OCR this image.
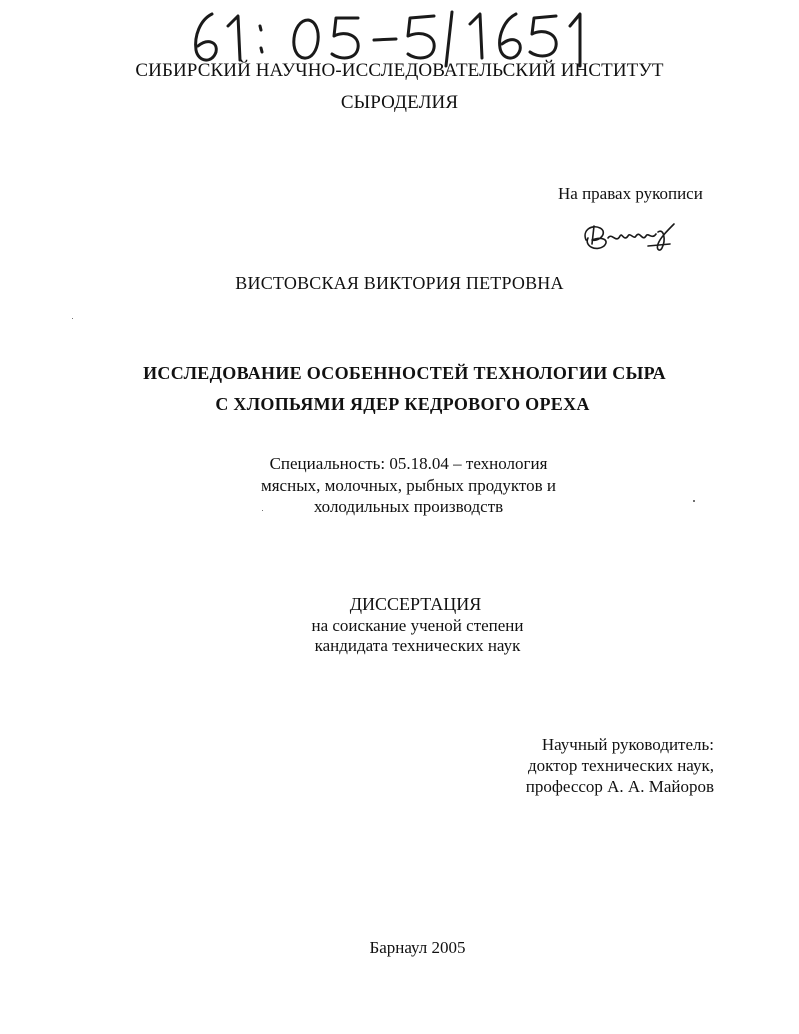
СИБИРСКИЙ НАУЧНО-ИССЛЕДОВАТЕЛЬСКИЙ ИНСТИТУТ
СЫРОДЕЛИЯ
На правах рукописи
ВИСТОВСКАЯ ВИКТОРИЯ ПЕТРОВНА
ИССЛЕДОВАНИЕ ОСОБЕННОСТЕЙ ТЕХНОЛОГИИ СЫРА
С ХЛОПЬЯМИ ЯДЕР КЕДРОВОГО ОРЕХА
Специальность: 05.18.04 – технология
мясных, молочных, рыбных продуктов и
холодильных производств
ДИССЕРТАЦИЯ
на соискание ученой степени
кандидата технических наук
Научный руководитель:
доктор технических наук,
профессор А. А. Майоров
Барнаул 2005
